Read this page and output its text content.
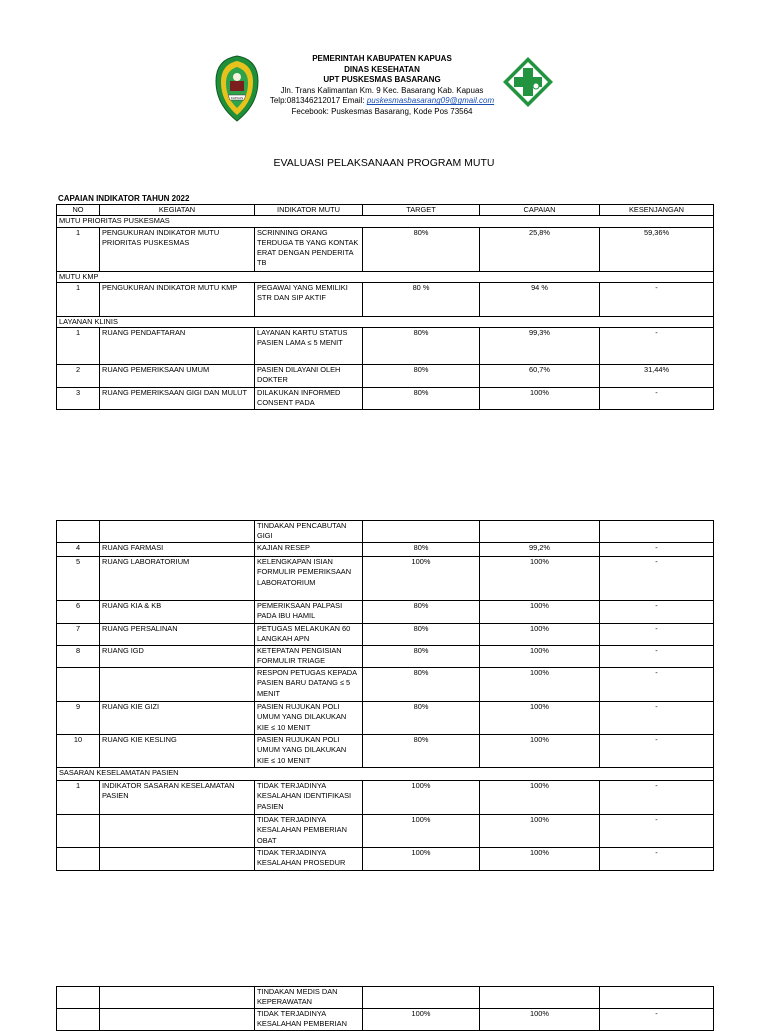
KAPUAS
PEMERINTAH KABUPATEN KAPUAS
DINAS KESEHATAN
UPT PUSKESMAS BASARANG
Jln. Trans Kalimantan Km. 9 Kec. Basarang Kab. Kapuas
Telp:081346212017 Email: puskesmasbasarang09@gmail.com
Fecebook: Puskesmas Basarang, Kode Pos 73564
EVALUASI PELAKSANAAN PROGRAM MUTU
CAPAIAN INDIKATOR TAHUN 2022
NO	KEGIATAN	INDIKATOR MUTU	TARGET	CAPAIAN	KESENJANGAN
MUTU PRIORITAS PUSKESMAS					
1	PENGUKURAN INDIKATOR MUTU PRIORITAS PUSKESMAS	SCRINNING ORANG TERDUGA TB YANG KONTAK ERAT DENGAN PENDERITA TB	80%	25,8%	59,36%
MUTU KMP					
1	PENGUKURAN INDIKATOR MUTU KMP	PEGAWAI YANG MEMILIKI STR DAN SIP AKTIF	80 %	94 %	-
LAYANAN KLINIS					
1	RUANG PENDAFTARAN	LAYANAN KARTU STATUS PASIEN LAMA ≤ 5 MENIT	80%	99,3%	-
2	RUANG PEMERIKSAAN UMUM	PASIEN DILAYANI OLEH DOKTER	80%	60,7%	31,44%
3	RUANG PEMERIKSAAN GIGI DAN MULUT	DILAKUKAN INFORMED CONSENT PADA	80%	100%	-
		TINDAKAN PENCABUTAN GIGI			
4	RUANG FARMASI	KAJIAN RESEP	80%	99,2%	-
5	RUANG LABORATORIUM	KELENGKAPAN ISIAN FORMULIR PEMERIKSAAN LABORATORIUM	100%	100%	-
6	RUANG KIA & KB	PEMERIKSAAN PALPASI PADA IBU HAMIL	80%	100%	-
7	RUANG PERSALINAN	PETUGAS MELAKUKAN 60 LANGKAH APN	80%	100%	-
8	RUANG IGD	KETEPATAN PENGISIAN FORMULIR TRIAGE	80%	100%	-
		RESPON PETUGAS KEPADA PASIEN BARU DATANG ≤ 5 MENIT	80%	100%	-
9	RUANG KIE GIZI	PASIEN RUJUKAN POLI UMUM YANG DILAKUKAN KIE ≤ 10 MENIT	80%	100%	-
10	RUANG KIE KESLING	PASIEN RUJUKAN POLI UMUM YANG DILAKUKAN KIE ≤ 10 MENIT	80%	100%	-
SASARAN KESELAMATAN PASIEN					
1	INDIKATOR SASARAN KESELAMATAN PASIEN	TIDAK TERJADINYA KESALAHAN IDENTIFIKASI PASIEN	100%	100%	-
		TIDAK TERJADINYA KESALAHAN PEMBERIAN OBAT	100%	100%	-
		TIDAK TERJADINYA KESALAHAN PROSEDUR	100%	100%	-
		TINDAKAN MEDIS DAN KEPERAWATAN			
		TIDAK TERJADINYA KESALAHAN PEMBERIAN	100%	100%	-
